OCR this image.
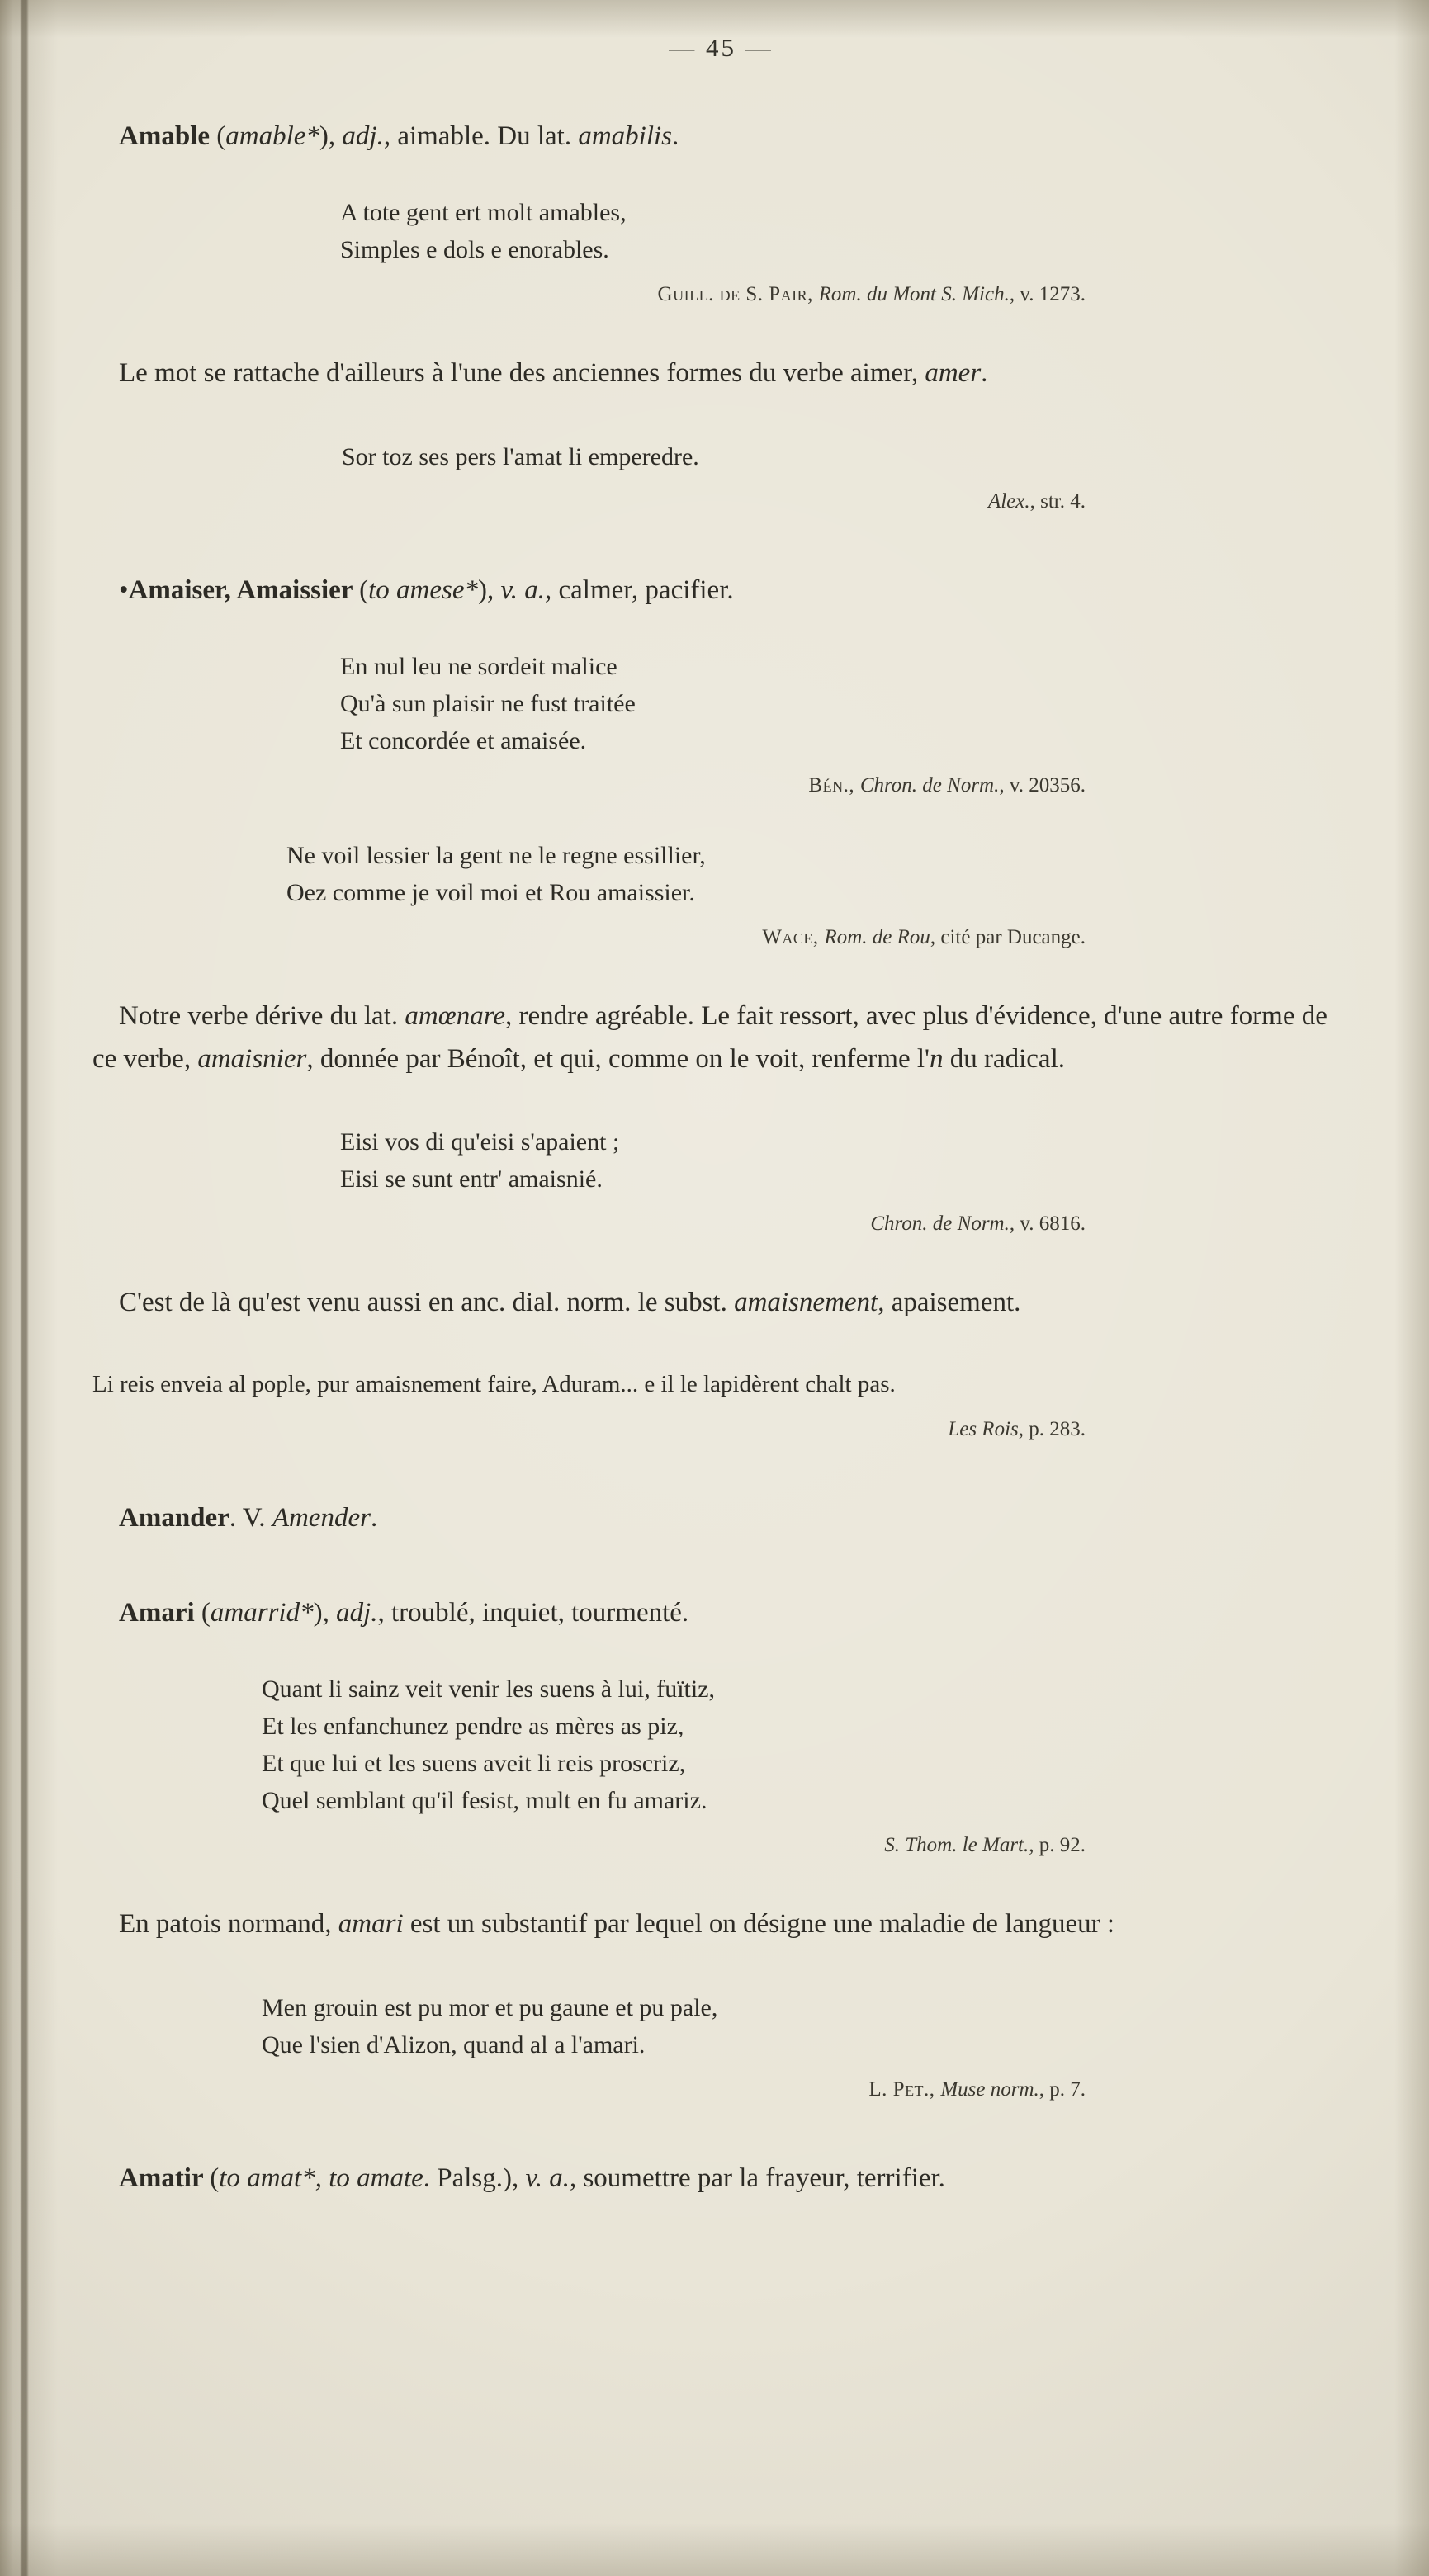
— 45 —

Amable (amable*), adj., aimable. Du lat. amabilis.

A tote gent ert molt amables,
Simples e dols e enorables.
Guill. de S. Pair, Rom. du Mont S. Mich., v. 1273.

Le mot se rattache d'ailleurs à l'une des anciennes formes du verbe aimer, amer.

Sor toz ses pers l'amat li emperedre.
Alex., str. 4.

•Amaiser, Amaissier (to amese*), v. a., calmer, pacifier.

En nul leu ne sordeit malice
Qu'à sun plaisir ne fust traitée
Et concordée et amaisée.
Bén., Chron. de Norm., v. 20356.
Ne voil lessier la gent ne le regne essillier,
Oez comme je voil moi et Rou amaissier.
Wace, Rom. de Rou, cité par Ducange.

Notre verbe dérive du lat. amœnare, rendre agréable. Le fait ressort, avec plus d'évidence, d'une autre forme de ce verbe, amaisnier, donnée par Bénoît, et qui, comme on le voit, renferme l'n du radical.

Eisi vos di qu'eisi s'apaient ;
Eisi se sunt entr' amaisnié.
Chron. de Norm., v. 6816.

C'est de là qu'est venu aussi en anc. dial. norm. le subst. amaisnement, apaisement.

Li reis enveia al pople, pur amaisnement faire, Aduram... e il le lapidèrent chalt pas.

Les Rois, p. 283.

Amander. V. Amender.

Amari (amarrid*), adj., troublé, inquiet, tourmenté.

Quant li sainz veit venir les suens à lui, fuïtiz,
Et les enfanchunez pendre as mères as piz,
Et que lui et les suens aveit li reis proscriz,
Quel semblant qu'il fesist, mult en fu amariz.
S. Thom. le Mart., p. 92.

En patois normand, amari est un substantif par lequel on désigne une maladie de langueur :

Men grouin est pu mor et pu gaune et pu pale,
Que l'sien d'Alizon, quand al a l'amari.
L. Pet., Muse norm., p. 7.

Amatir (to amat*, to amate. Palsg.), v. a., soumettre par la frayeur, terrifier.
